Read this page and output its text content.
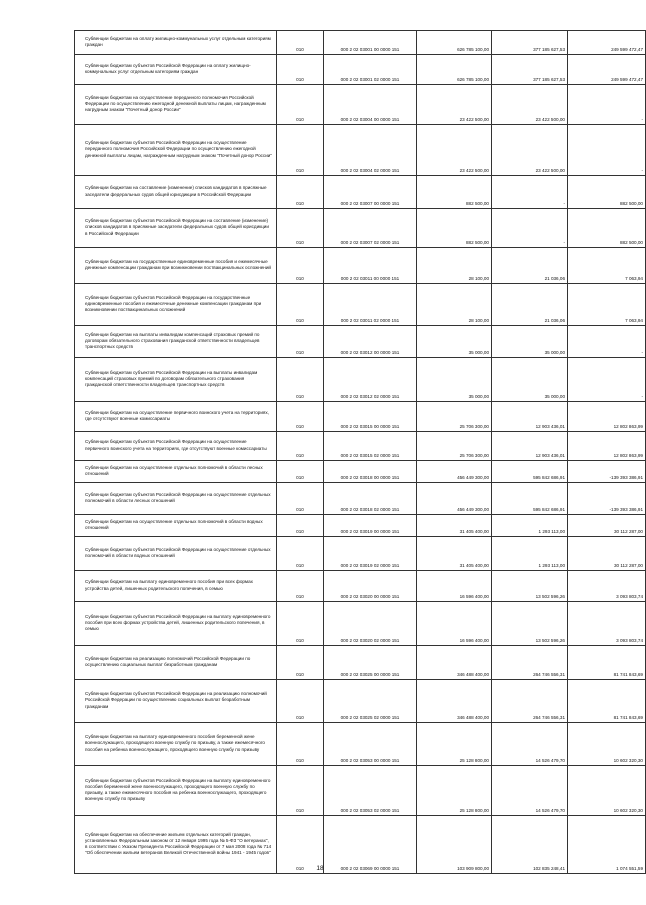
Субвенции бюджетам на оплату жилищно-коммунальных услуг отдельным категориям граждан	010	000 2 02 03001 00 0000 151	626 785 100,00	377 185 627,53	249 599 472,47
Субвенции бюджетам субъектов Российской Федерации на оплату жилищно-коммунальных услуг отдельным категориям граждан	010	000 2 02 03001 02 0000 151	626 785 100,00	377 185 627,53	249 599 472,47
Субвенции бюджетам на осуществление переданного полномочия Российской Федерации по осуществлению ежегодной денежной выплаты лицам, награжденным нагрудным знаком "Почетный донор России"	010	000 2 02 03004 00 0000 151	23 422 500,00	23 422 500,00	-
Субвенции бюджетам субъектов Российской Федерации на осуществление переданного полномочия Российской Федерации по осуществлению ежегодной денежной выплаты лицам, награжденным нагрудным знаком "Почетный донор России"	010	000 2 02 03004 02 0000 151	23 422 500,00	23 422 500,00	-
Субвенции бюджетам на составление (изменение) списков кандидатов в присяжные заседатели федеральных судов общей юрисдикции в Российской Федерации	010	000 2 02 03007 00 0000 151	882 500,00	-	882 500,00
Субвенции бюджетам субъектов Российской Федерации на составление (изменение) списков кандидатов в присяжные заседатели федеральных судов общей юрисдикции в Российской Федерации	010	000 2 02 03007 02 0000 151	882 500,00	-	882 500,00
Субвенции бюджетам на государственные единовременные пособия и ежемесячные денежные компенсации гражданам при возникновении поствакцинальных осложнений	010	000 2 02 03011 00 0000 151	28 100,00	21 036,06	7 063,94
Субвенции бюджетам субъектов Российской Федерации на государственные единовременные пособия и ежемесячные денежные компенсации гражданам при возникновении поствакцинальных осложнений	010	000 2 02 03011 02 0000 151	28 100,00	21 036,06	7 063,94
Субвенции бюджетам на выплаты инвалидам компенсаций страховых премий по договорам обязательного страхования гражданской ответственности владельцев транспортных средств	010	000 2 02 03012 00 0000 151	35 000,00	35 000,00	-
Субвенции бюджетам субъектов Российской Федерации на выплаты инвалидам компенсаций страховых премий по договорам обязательного страхования гражданской ответственности владельцев транспортных средств	010	000 2 02 03012 02 0000 151	35 000,00	35 000,00	-
Субвенции бюджетам на осуществление первичного воинского учета на территориях, где отсутствуют военные комиссариаты	010	000 2 02 03015 00 0000 151	25 706 300,00	12 903 436,01	12 802 863,99
Субвенции бюджетам субъектов Российской Федерации на осуществление первичного воинского учета на территориях, где отсутствуют военные комиссариаты	010	000 2 02 03015 02 0000 151	25 706 300,00	12 903 436,01	12 802 863,99
Субвенции бюджетам на осуществление отдельных полномочий в области лесных отношений	010	000 2 02 03018 00 0000 151	456 449 300,00	595 842 686,91	-139 393 386,91
Субвенции бюджетам субъектов Российской Федерации на осуществление отдельных полномочий в области лесных отношений	010	000 2 02 03018 02 0000 151	456 449 300,00	595 842 686,91	-139 393 386,91
Субвенции бюджетам на осуществление отдельных полномочий в области водных отношений	010	000 2 02 03019 00 0000 151	31 405 400,00	1 293 113,00	30 112 287,00
Субвенции бюджетам субъектов Российской Федерации на осуществление отдельных полномочий в области водных отношений	010	000 2 02 03019 02 0000 151	31 405 400,00	1 293 113,00	30 112 287,00
Субвенции бюджетам на выплату единовременного пособия при всех формах устройства детей, лишенных родительского попечения, в семью	010	000 2 02 03020 00 0000 151	16 596 400,00	13 502 596,26	3 093 803,74
Субвенции бюджетам субъектов Российской Федерации на выплату единовременного пособия при всех формах устройства детей, лишенных родительского попечения, в семью	010	000 2 02 03020 02 0000 151	16 596 400,00	13 502 596,26	3 093 803,74
Субвенции бюджетам на реализацию полномочий Российской Федерации по осуществлению социальных выплат безработным гражданам	010	000 2 02 03025 00 0000 151	346 488 400,00	264 746 556,31	81 741 843,69
Субвенции бюджетам субъектов Российской Федерации на реализацию полномочий Российской Федерации по осуществлению социальных выплат безработным гражданам	010	000 2 02 03025 02 0000 151	346 488 400,00	264 746 556,31	81 741 843,69
Субвенции бюджетам на выплату единовременного пособия беременной жене военнослужащего, проходящего военную службу по призыву, а также ежемесячного пособия на ребенка военнослужащего, проходящего военную службу по призыву	010	000 2 02 03053 00 0000 151	25 128 800,00	14 526 479,70	10 602 320,30
Субвенции бюджетам субъектов Российской Федерации на выплату единовременного пособия беременной жене военнослужащего, проходящего военную службу по призыву, а также ежемесячного пособия на ребенка военнослужащего, проходящего военную службу по призыву	010	000 2 02 03053 02 0000 151	25 128 800,00	14 526 479,70	10 602 320,30
Субвенции бюджетам на обеспечение жильем отдельных категорий граждан, установленных Федеральным законом от 12 января 1995 года № 5-ФЗ "О ветеранах", в соответствии с Указом Президента Российской Федерации от 7 мая 2008 года № 714 "Об обеспечении жильем ветеранов Великой Отечественной войны 1941 - 1945 годов"	010	000 2 02 03069 00 0000 151	103 909 800,00	102 835 248,41	1 074 551,59
18
